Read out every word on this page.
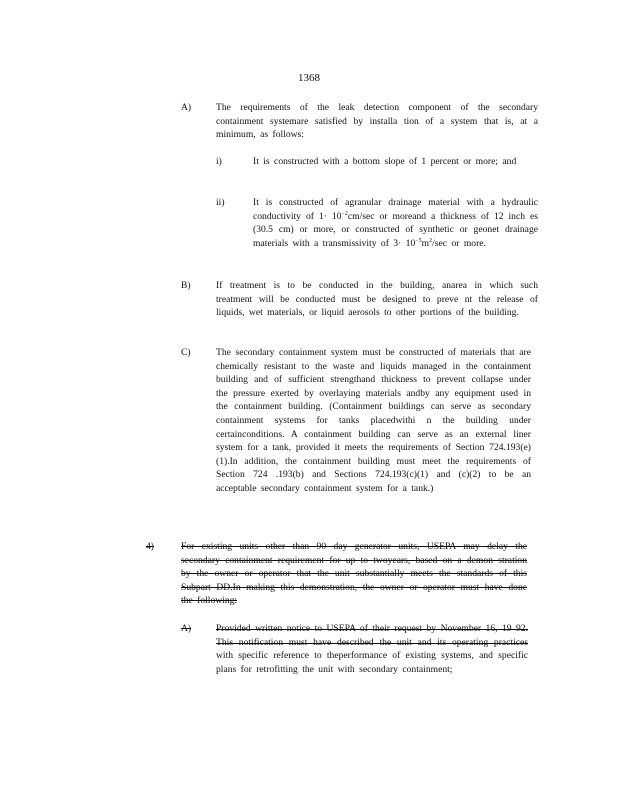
1368
A)	The requirements of the leak detection component of the secondary containment systemare satisfied by installa tion of a system that is, at a minimum, as follows:
i)	It is constructed with a bottom slope of 1 percent or more; and
ii)	It is constructed of agranular drainage material with a hydraulic conductivity of $1\cdot 10^{-2}cm/\sec$ or moreand a thickness of 12 inch es (30.5 cm) or more, or constructed of synthetic or geonet drainage materials with a transmissivity of $3\cdot 10^{-5}m^2/\sec$ or more.
B)	If treatment is to be conducted in the building, anarea in which such treatment will be conducted must be designed to preve nt the release of liquids, wet materials, or liquid aerosols to other portions of the building.
C)	The secondary containment system must be constructed of materials that are chemically resistant to the waste and liquids managed in the containment building and of sufficient strengthand thickness to prevent collapse under the pressure exerted by overlaying materials andby any equipment used in the containment building. (Containment buildings can serve as secondary containment systems for tanks placedwithi n the building under certainconditions. A containment building can serve as an external liner system for a tank, provided it meets the requirements of Section 724.193(e)(1).In addition, the containment building must meet the requirements of Section 724 .193(b) and Sections 724.193(c)(1) and (c)(2) to be an acceptable secondary containment system for a tank.)
4)	For existing units other than 90 day generator units, USEPA may delay the secondary containment requirement for up to twoyears, based on a demon stration by the owner or operator that the unit substantially meets the standards of this Subpart DD.In making this demonstration, the owner or operator must have done the following:
A)
with specific reference to theperformance of existing systems, and specific plans for retrofitting the unit with secondary containment;
